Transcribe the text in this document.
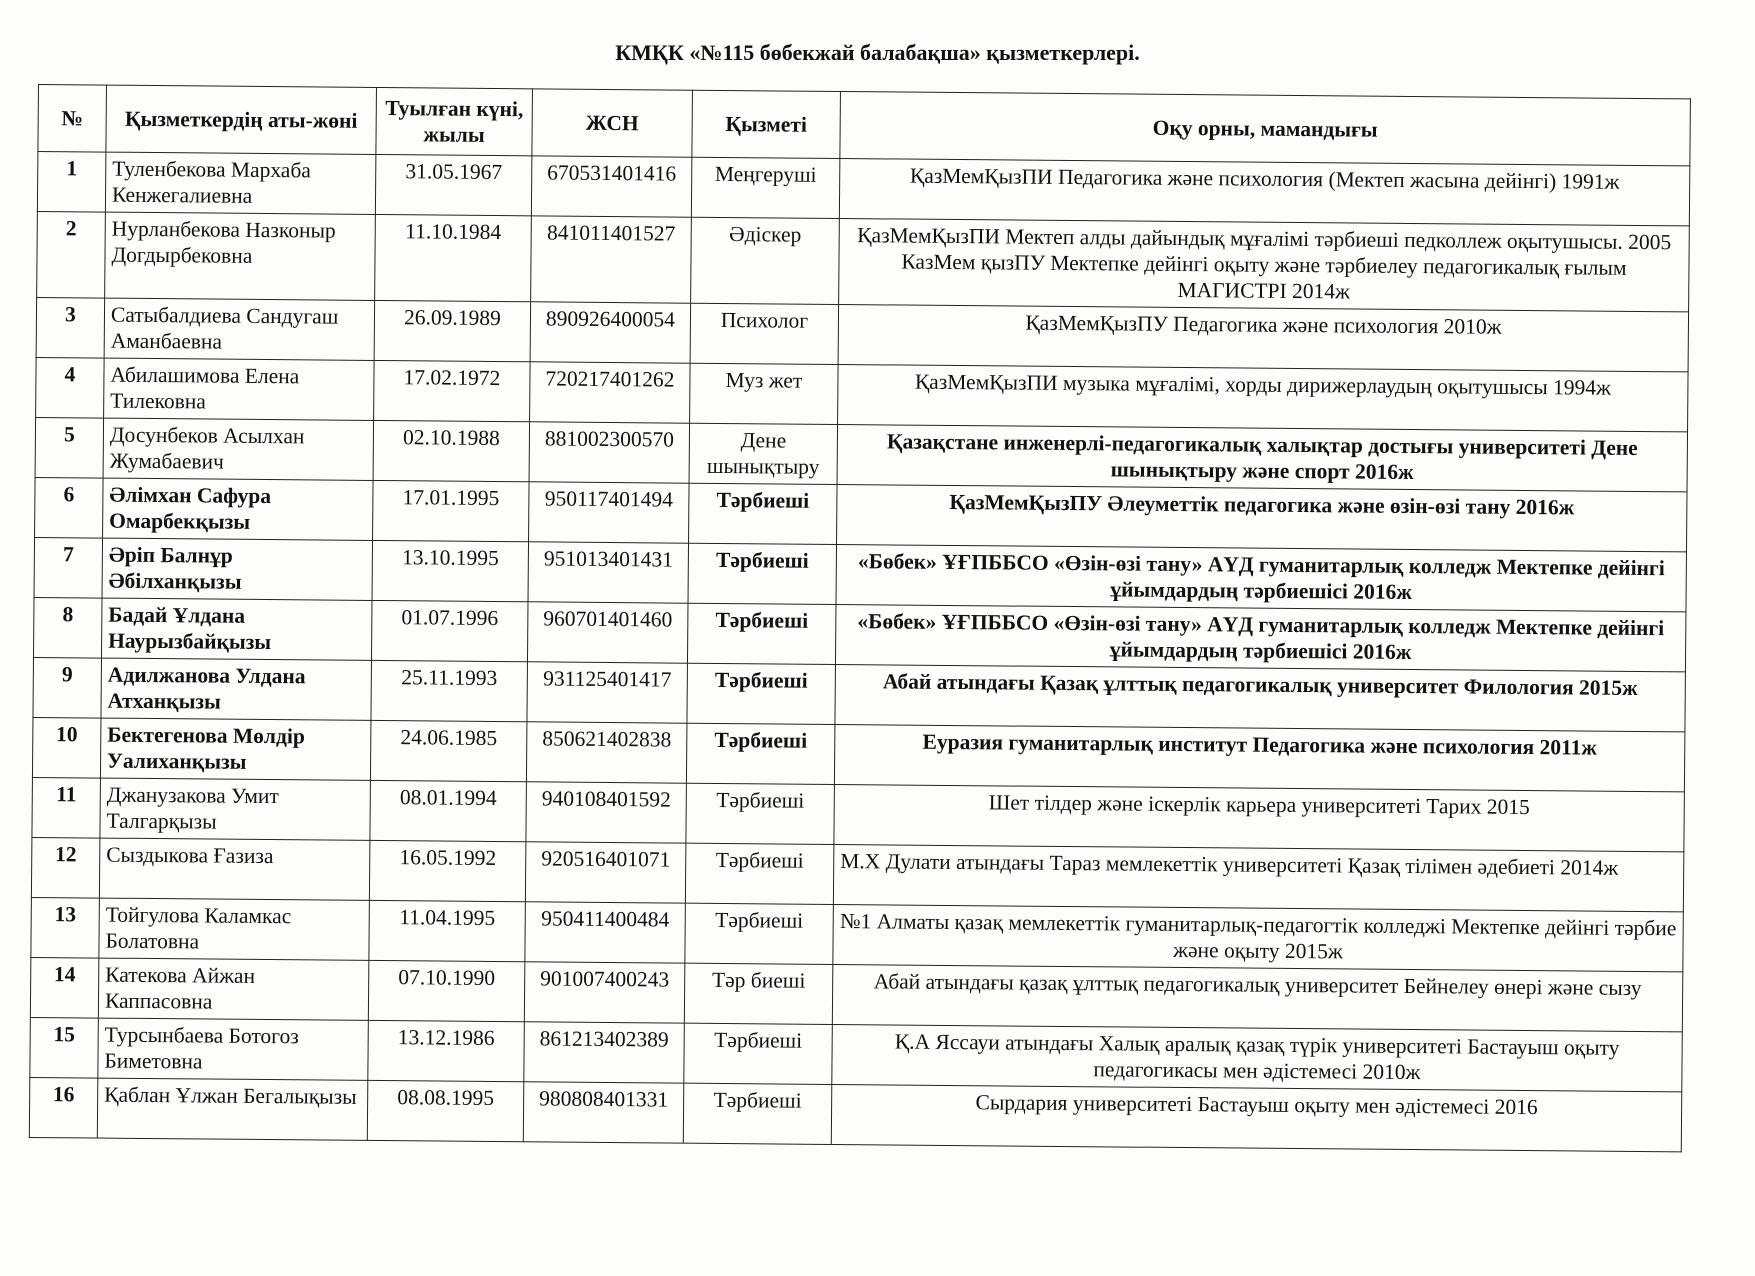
КМҚК «№115 бөбекжай балабақша» қызметкерлері.
№	Қызметкердің аты-жөні	Туылған күні, жылы	ЖСН	Қызметі	Оқу орны, мамандығы
1	Туленбекова Мархаба Кенжегалиевна	31.05.1967	670531401416	Меңгеруші	ҚазМемҚызПИ Педагогика және психология (Мектеп жасына дейінгі) 1991ж
2	Нурланбекова Назконыр Догдырбековна	11.10.1984	841011401527	Әдіскер	ҚазМемҚызПИ Мектеп алды дайындық мұғалімі тәрбиеші педколлеж оқытушысы. 2005 КазМем қызПУ Мектепке дейінгі оқыту және тәрбиелеу педагогикалық ғылым МАГИСТРІ 2014ж
3	Сатыбалдиева Сандугаш Аманбаевна	26.09.1989	890926400054	Психолог	ҚазМемҚызПУ Педагогика және психология 2010ж
4	Абилашимова Елена Тилековна	17.02.1972	720217401262	Муз жет	ҚазМемҚызПИ музыка мұғалімі, хорды дирижерлаудың оқытушысы 1994ж
5	Досунбеков Асылхан Жумабаевич	02.10.1988	881002300570	Дене шынықтыру	Қазақстане инженерлі-педагогикалық халықтар достығы университеті Дене шынықтыру және спорт 2016ж
6	Әлімхан Сафура Омарбекқызы	17.01.1995	950117401494	Тәрбиеші	ҚазМемҚызПУ Әлеуметтік педагогика және өзін-өзі тану 2016ж
7	Әріп Балнұр Әбілханқызы	13.10.1995	951013401431	Тәрбиеші	«Бөбек» ҰҒПББСО «Өзін-өзі тану» АҮД гуманитарлық колледж Мектепке дейінгі ұйымдардың тәрбиешісі 2016ж
8	Бадай Ұлдана Наурызбайқызы	01.07.1996	960701401460	Тәрбиеші	«Бөбек» ҰҒПББСО «Өзін-өзі тану» АҮД гуманитарлық колледж Мектепке дейінгі ұйымдардың тәрбиешісі 2016ж
9	Адилжанова Улдана Атханқызы	25.11.1993	931125401417	Тәрбиеші	Абай атындағы Қазақ ұлттық педагогикалық университет Филология 2015ж
10	Бектегенова Мөлдір Уалиханқызы	24.06.1985	850621402838	Тәрбиеші	Еуразия гуманитарлық институт Педагогика және психология 2011ж
11	Джанузакова Умит Талгарқызы	08.01.1994	940108401592	Тәрбиеші	Шет тілдер және іскерлік карьера университеті Тарих 2015
12	Сыздыкова Ғазиза	16.05.1992	920516401071	Тәрбиеші	М.Х Дулати атындағы Тараз мемлекеттік университеті Қазақ тілімен әдебиеті 2014ж
13	Тойгулова Каламкас Болатовна	11.04.1995	950411400484	Тәрбиеші	№1 Алматы қазақ мемлекеттік гуманитарлық-педагогтік колледжі Мектепке дейінгі тәрбие және оқыту 2015ж
14	Катекова Айжан Каппасовна	07.10.1990	901007400243	Тәр биеші	Абай атындағы қазақ ұлттық педагогикалық университет Бейнелеу өнері және сызу
15	Турсынбаева Ботогоз Биметовна	13.12.1986	861213402389	Тәрбиеші	Қ.А Яссауи атындағы Халық аралық қазақ түрік университеті Бастауыш оқыту педагогикасы мен әдістемесі 2010ж
16	Қаблан Ұлжан Бегалықызы	08.08.1995	980808401331	Тәрбиеші	Сырдария университеті Бастауыш оқыту мен әдістемесі 2016
